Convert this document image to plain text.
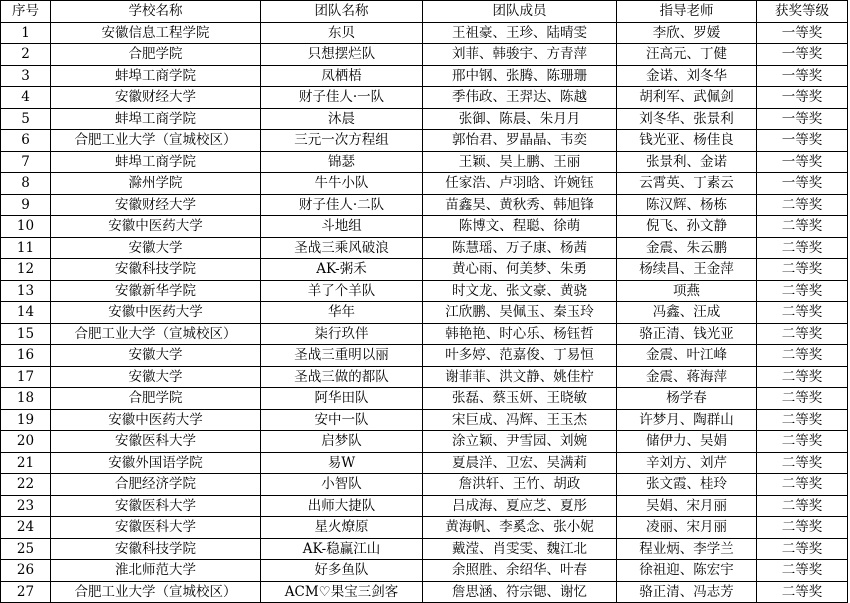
序号	学校名称	团队名称	团队成员	指导老师	获奖等级
1	安徽信息工程学院	东贝	王祖豪、王珍、陆晴雯	李欣、罗媛	一等奖
2	合肥学院	只想摆烂队	刘菲、韩骏宇、方青萍	汪高元、丁健	一等奖
3	蚌埠工商学院	凤栖梧	邢中钢、张腾、陈珊珊	金诺、刘冬华	一等奖
4	安徽财经大学	财子佳人·一队	季伟政、王羿达、陈越	胡利军、武佩剑	一等奖
5	蚌埠工商学院	沐晨	张御、陈晨、朱月月	刘冬华、张景利	一等奖
6	合肥工业大学（宣城校区）	三元一次方程组	郭怡君、罗晶晶、韦奕	钱光亚、杨佳良	一等奖
7	蚌埠工商学院	锦瑟	王颖、吴上鹏、王丽	张景利、金诺	一等奖
8	滁州学院	牛牛小队	任家浩、卢羽晗、许婉钰	云霄英、丁素云	一等奖
9	安徽财经大学	财子佳人·二队	苗鑫昊、黄秋秀、韩旭锋	陈汉辉、杨栋	二等奖
10	安徽中医药大学	斗地组	陈博文、程聪、徐萌	倪飞、孙文静	二等奖
11	安徽大学	圣战三乘风破浪	陈慧瑶、万子康、杨茜	金震、朱云鹏	二等奖
12	安徽科技学院	AK-粥禾	黄心雨、何美梦、朱勇	杨续昌、王金萍	二等奖
13	安徽新华学院	羊了个羊队	时文龙、张文豪、黄骁	项燕	二等奖
14	安徽中医药大学	华年	江欣鹏、吴佩玉、秦玉玲	冯鑫、汪成	二等奖
15	合肥工业大学（宣城校区）	柒行玖伴	韩艳艳、时心乐、杨钰哲	骆正清、钱光亚	二等奖
16	安徽大学	圣战三重明以丽	叶多婷、范嘉俊、丁易恒	金震、叶江峰	二等奖
17	安徽大学	圣战三做的都队	谢菲菲、洪文静、姚佳柠	金震、蒋海萍	二等奖
18	合肥学院	阿华田队	张磊、蔡玉妍、王晓敏	杨学春	二等奖
19	安徽中医药大学	安中一队	宋巨成、冯辉、王玉杰	许梦月、陶群山	二等奖
20	安徽医科大学	启梦队	涂立颖、尹雪园、刘婉	储伊力、吴娟	二等奖
21	安徽外国语学院	易W	夏晨洋、卫宏、吴满莉	辛刘方、刘芹	二等奖
22	合肥经济学院	小智队	詹洪轩、王竹、胡政	张文霞、桂玲	二等奖
23	安徽医科大学	出师大捷队	吕成海、夏应芝、夏彤	吴娟、宋月丽	二等奖
24	安徽医科大学	星火燎原	黄海帆、李奚念、张小妮	凌丽、宋月丽	二等奖
25	安徽科技学院	AK-稳赢江山	戴滢、肖雯雯、魏江北	程业炳、李学兰	二等奖
26	淮北师范大学	好多鱼队	余照胜、余绍华、叶春	徐祖迎、陈宏宇	二等奖
27	合肥工业大学（宣城校区）	ACM♡果宝三剑客	詹思涵、符宗锶、谢忆	骆正清、冯志芳	二等奖
